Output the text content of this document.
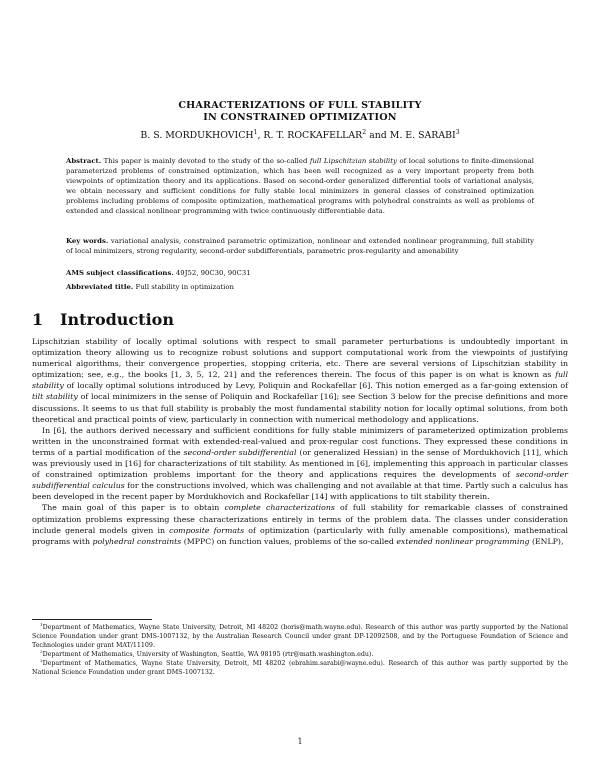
CHARACTERIZATIONS OF FULL STABILITY
IN CONSTRAINED OPTIMIZATION
B. S. MORDUKHOVICH$^1$, R. T. ROCKAFELLAR$^2$ and M. E. SARABI$^3$
Abstract. This paper is mainly devoted to the study of the so-called full Lipschitzian stability of local solutions to finite-dimensional parameterized problems of constrained optimization, which has been well recognized as a very important property from both viewpoints of optimization theory and its applications. Based on second-order generalized differential tools of variational analysis, we obtain necessary and sufficient conditions for fully stable local minimizers in general classes of constrained optimization problems including problems of composite optimization, mathematical programs with polyhedral constraints as well as problems of extended and classical nonlinear programming with twice continuously differentiable data.
Key words. variational analysis, constrained parametric optimization, nonlinear and extended nonlinear programming, full stability of local minimizers, strong regularity, second-order subdifferentials, parametric prox-regularity and amenability
AMS subject classifications. 49J52, 90C30, 90C31
Abbreviated title. Full stability in optimization
1 Introduction

Lipschitzian stability of locally optimal solutions with respect to small parameter perturbations is undoubtedly important in optimization theory allowing us to recognize robust solutions and support computational work from the viewpoints of justifying numerical algorithms, their convergence properties, stopping criteria, etc. There are several versions of Lipschitzian stability in optimization; see, e.g., the books [1, 3, 5, 12, 21] and the references therein. The focus of this paper is on what is known as full stability of locally optimal solutions introduced by Levy, Poliquin and Rockafellar [6]. This notion emerged as a far-going extension of tilt stability of local minimizers in the sense of Poliquin and Rockafellar [16]; see Section 3 below for the precise definitions and more discussions. It seems to us that full stability is probably the most fundamental stability notion for locally optimal solutions, from both theoretical and practical points of view, particularly in connection with numerical methodology and applications.

In [6], the authors derived necessary and sufficient conditions for fully stable minimizers of parameterized optimization problems written in the unconstrained format with extended-real-valued and prox-regular cost functions. They expressed these conditions in terms of a partial modification of the second-order subdifferential (or generalized Hessian) in the sense of Mordukhovich [11], which was previously used in [16] for characterizations of tilt stability. As mentioned in [6], implementing this approach in particular classes of constrained optimization problems important for the theory and applications requires the developments of second-order subdifferential calculus for the constructions involved, which was challenging and not available at that time. Partly such a calculus has been developed in the recent paper by Mordukhovich and Rockafellar [14] with applications to tilt stability therein.

The main goal of this paper is to obtain complete characterizations of full stability for remarkable classes of constrained optimization problems expressing these characterizations entirely in terms of the problem data. The classes under consideration include general models given in composite formats of optimization (particularly with fully amenable compositions), mathematical programs with polyhedral constraints (MPPC) on function values, problems of the so-called extended nonlinear programming (ENLP),

$^1$Department of Mathematics, Wayne State University, Detroit, MI 48202 (boris@math.wayne.edu). Research of this author was partly supported by the National Science Foundation under grant DMS-1007132, by the Australian Research Council under grant DP-12092508, and by the Portuguese Foundation of Science and Technologies under grant MAT/11109.

$^2$Department of Mathematics, University of Washington, Seattle, WA 98195 (rtr@math.washington.edu).

$^3$Department of Mathematics, Wayne State University, Detroit, MI 48202 (ebrahim.sarabi@wayne.edu). Research of this author was partly supported by the National Science Foundation under grant DMS-1007132.

1
